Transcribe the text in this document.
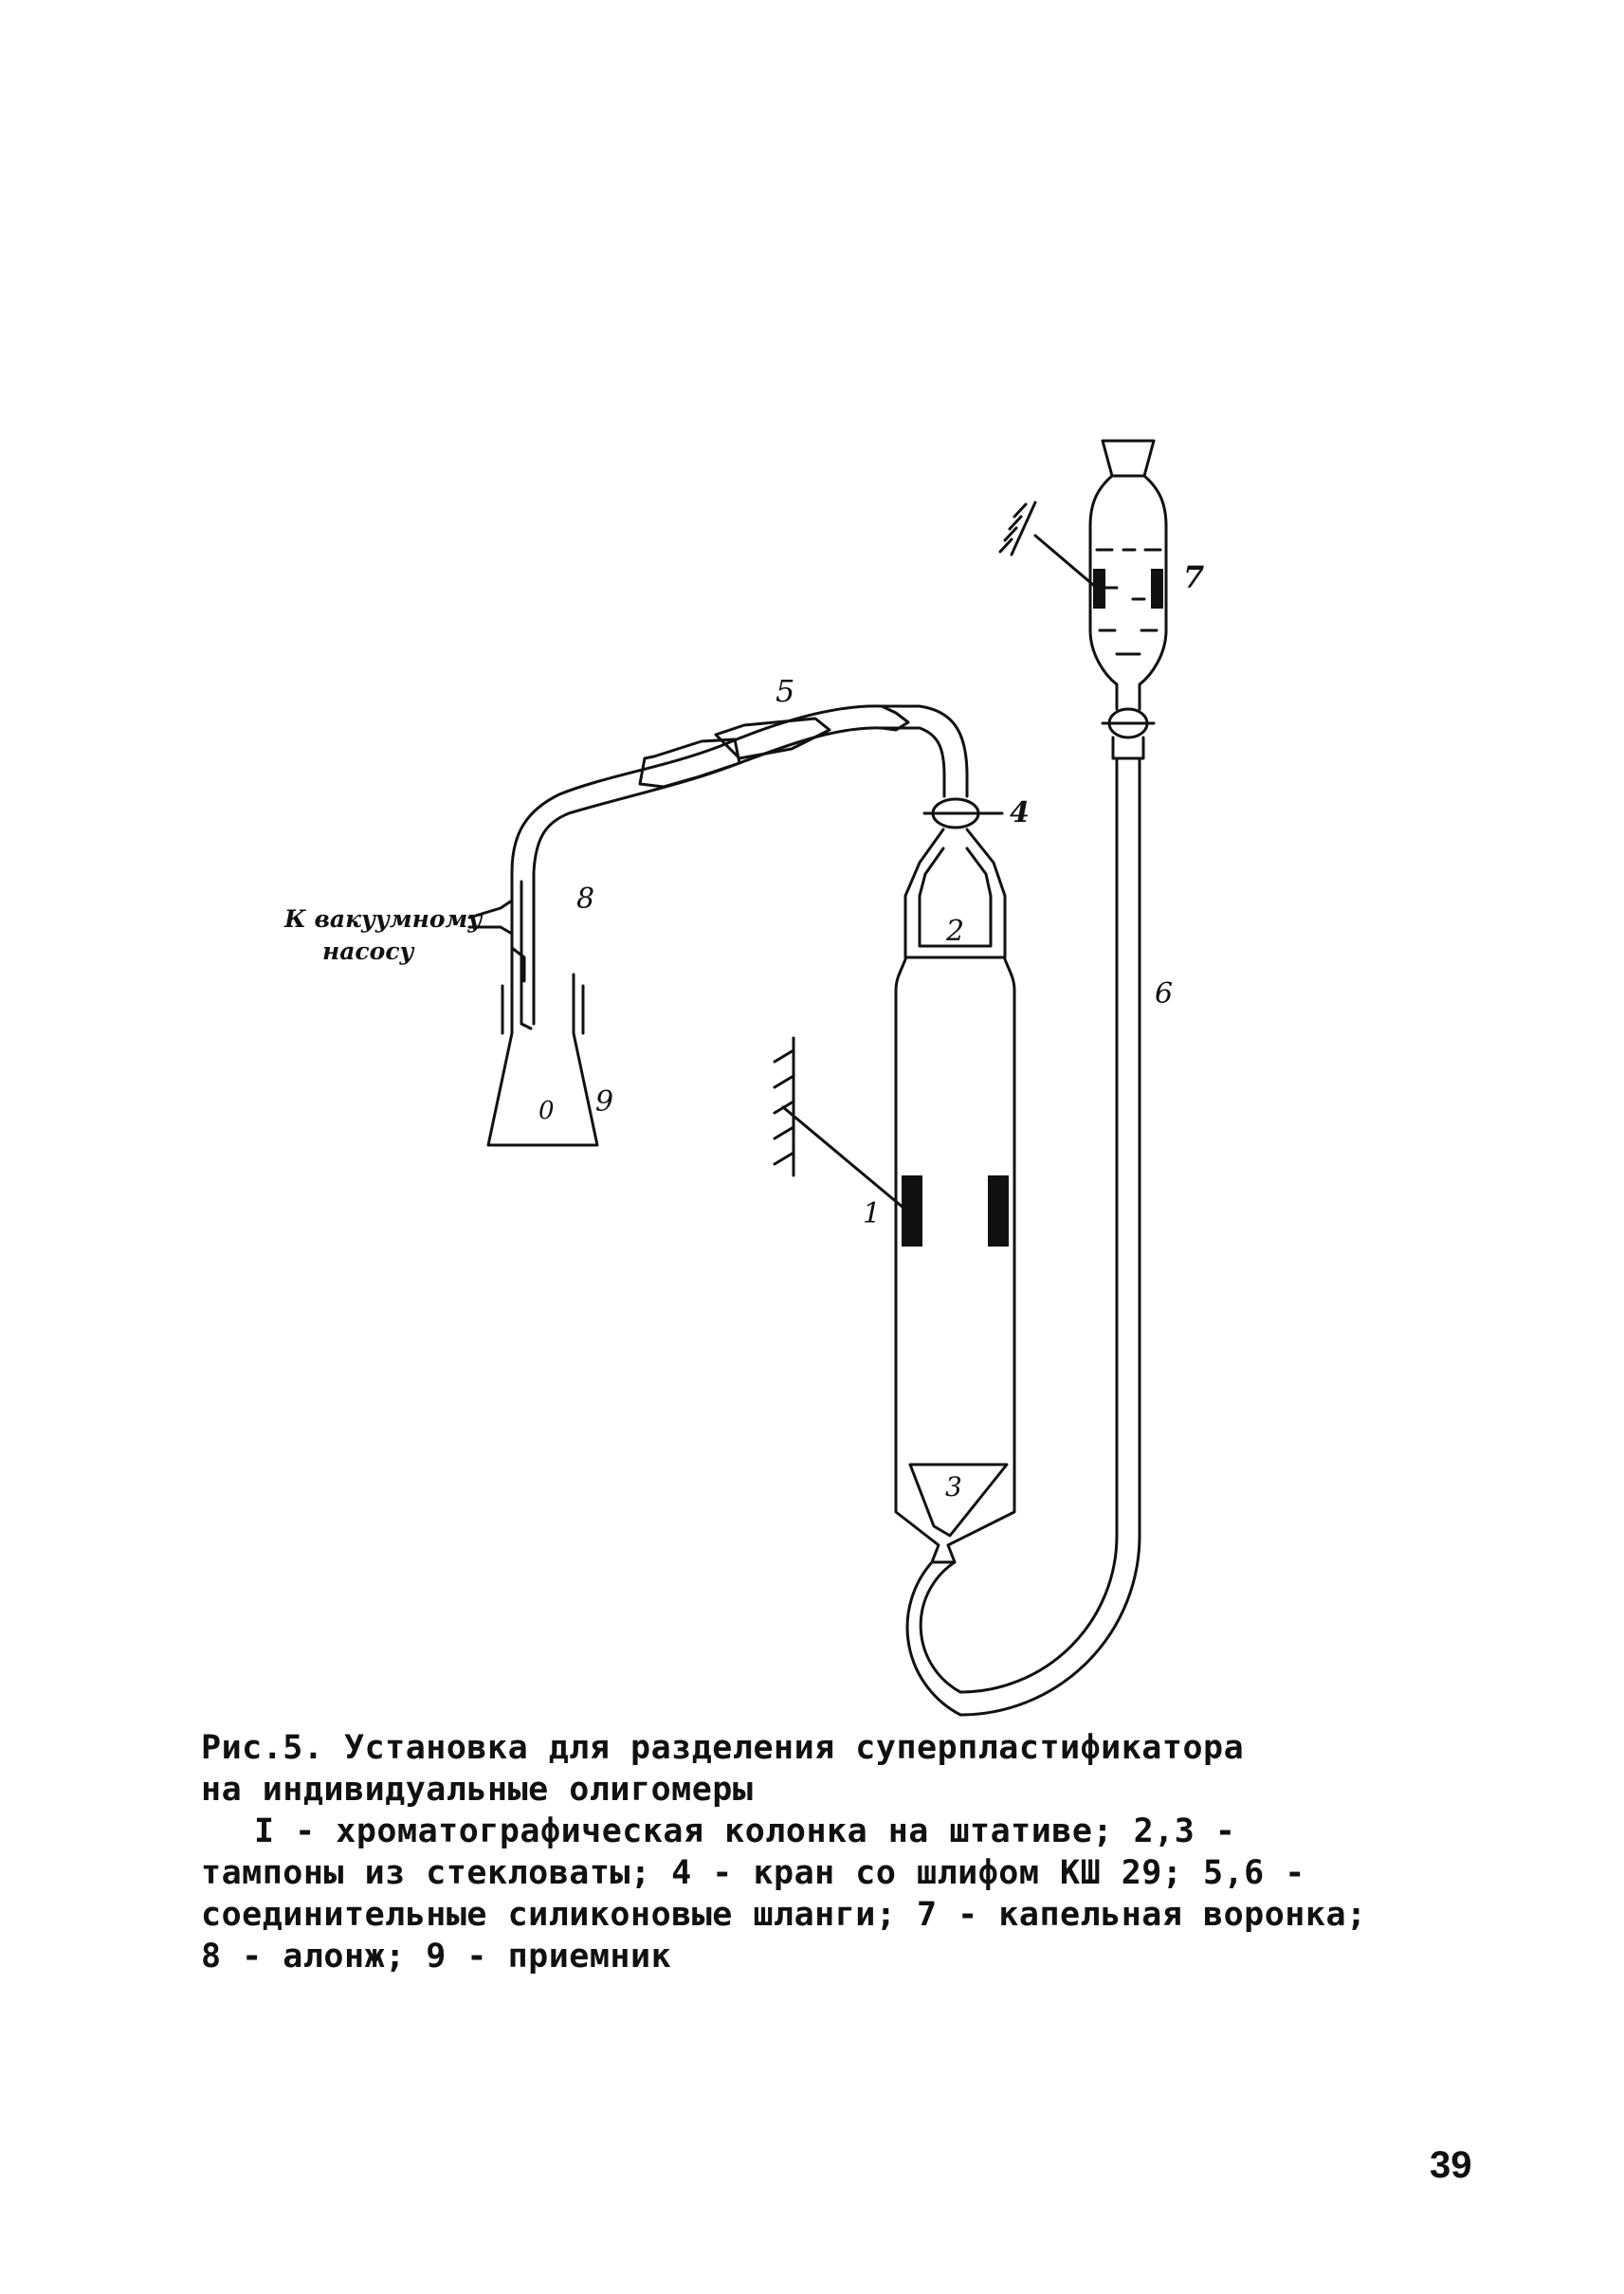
5
4
7
2
6
8
9
0
1
3
К вакуумному
насосу

Рис.5. Установка для разделения суперпластификатора

на индивидуальные олигомеры

I - хроматографическая колонка на штативе; 2,3 - тампоны из стекловаты; 4 - кран со шлифом КШ 29; 5,6 - соединительные силиконовые шланги; 7 - капельная воронка; 8 - алонж; 9 - приемник

39
